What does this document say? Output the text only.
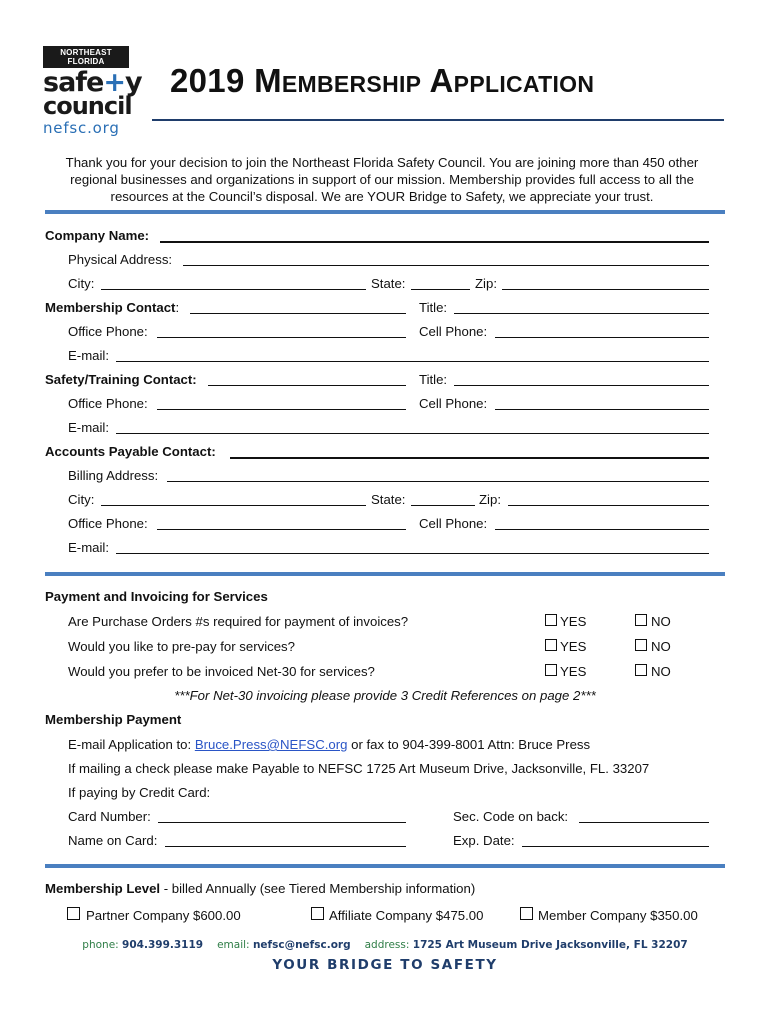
NORTHEAST FLORIDA
safe+y
council
nefsc.org
2019 Membership Application
Thank you for your decision to join the Northeast Florida Safety Council. You are joining more than 450 other regional businesses and organizations in support of our mission. Membership provides full access to all the resources at the Council’s disposal. We are YOUR Bridge to Safety, we appreciate your trust.
Company Name:
Physical Address:
City:	State:	Zip:
Membership Contact:	Title:
Office Phone:	Cell Phone:
E-mail:
Safety/Training Contact:	Title:
Office Phone:	Cell Phone:
E-mail:
Accounts Payable Contact:
Billing Address:
City:	State:	Zip:
Office Phone:	Cell Phone:
E-mail:
Payment and Invoicing for Services
Are Purchase Orders #s required for payment of invoices?	YES	NO
Would you like to pre-pay for services?	YES	NO
Would you prefer to be invoiced Net-30 for services?	YES	NO
***For Net-30 invoicing please provide 3 Credit References on page 2***
Membership Payment
E-mail Application to: Bruce.Press@NEFSC.org or fax to 904-399-8001 Attn: Bruce Press
If mailing a check please make Payable to NEFSC 1725 Art Museum Drive, Jacksonville, FL. 33207
If paying by Credit Card:
Card Number:	Sec. Code on back:
Name on Card:	Exp. Date:
Membership Level - billed Annually (see Tiered Membership information)
Partner Company $600.00	Affiliate Company $475.00	Member Company $350.00
phone: 904.399.3119 email: nefsc@nefsc.org address: 1725 Art Museum Drive Jacksonville, FL 32207
YOUR BRIDGE TO SAFETY
